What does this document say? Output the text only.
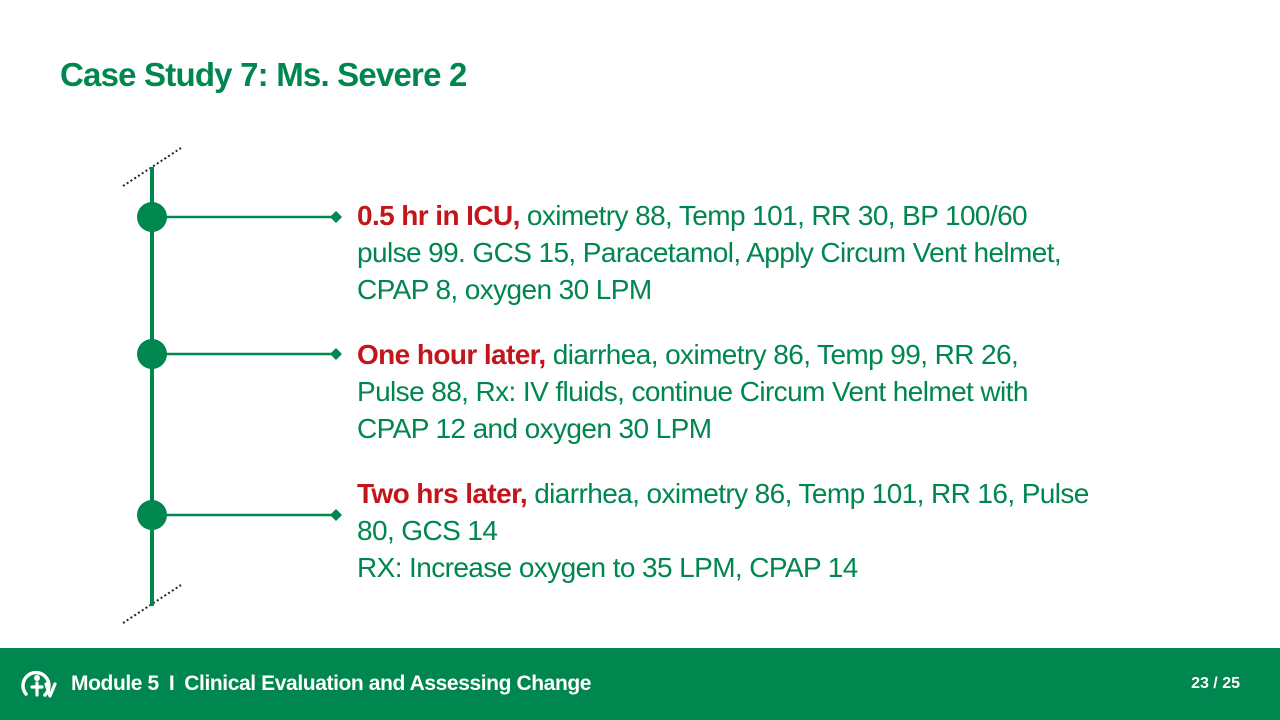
Case Study 7: Ms. Severe 2
0.5 hr in ICU, oximetry 88, Temp 101, RR 30, BP 100/60
pulse 99. GCS 15, Paracetamol, Apply Circum Vent helmet,
CPAP 8, oxygen 30 LPM
One hour later, diarrhea, oximetry 86, Temp 99, RR 26,
Pulse 88, Rx: IV fluids, continue Circum Vent helmet with
CPAP 12 and oxygen 30 LPM
Two hrs later, diarrhea, oximetry 86, Temp 101, RR 16, Pulse
80, GCS 14
RX: Increase oxygen to 35 LPM, CPAP 14
Module 5 I Clinical Evaluation and Assessing Change	23 / 25
